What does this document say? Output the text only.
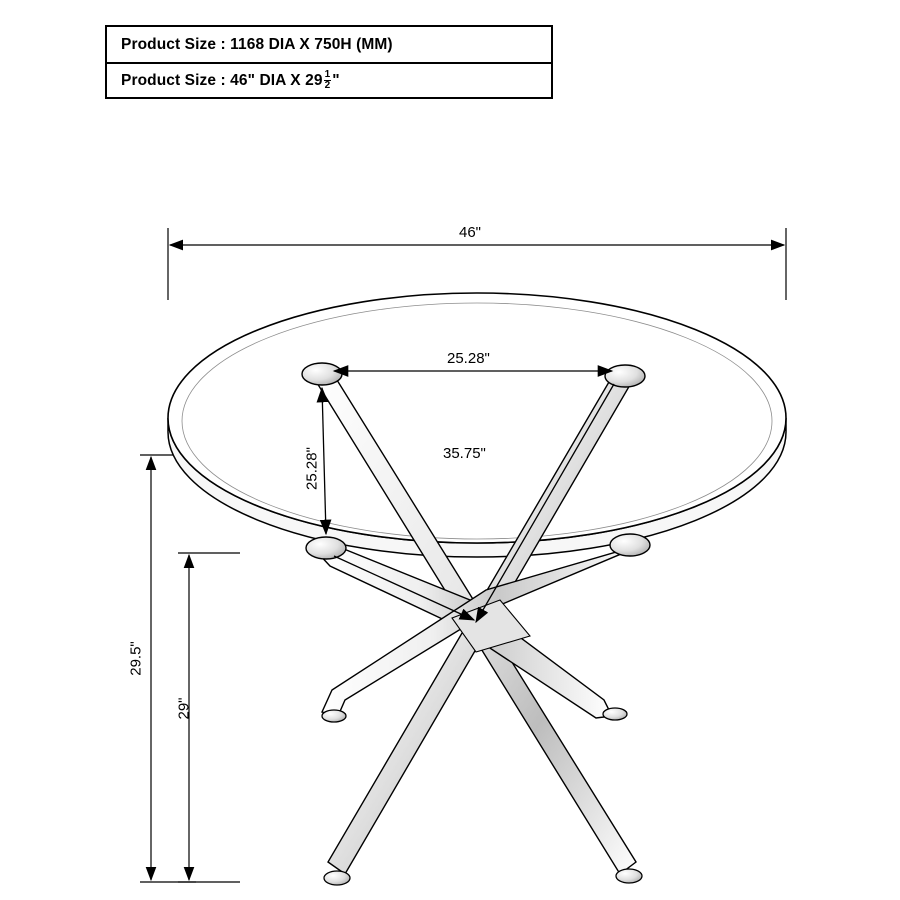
Product Size : 1168 DIA X 750H (MM)
Product Size : 46" DIA X $29 \frac{1}{2}$ "
46"
25.28"
25.28"	35.75"
29.5"
29"
